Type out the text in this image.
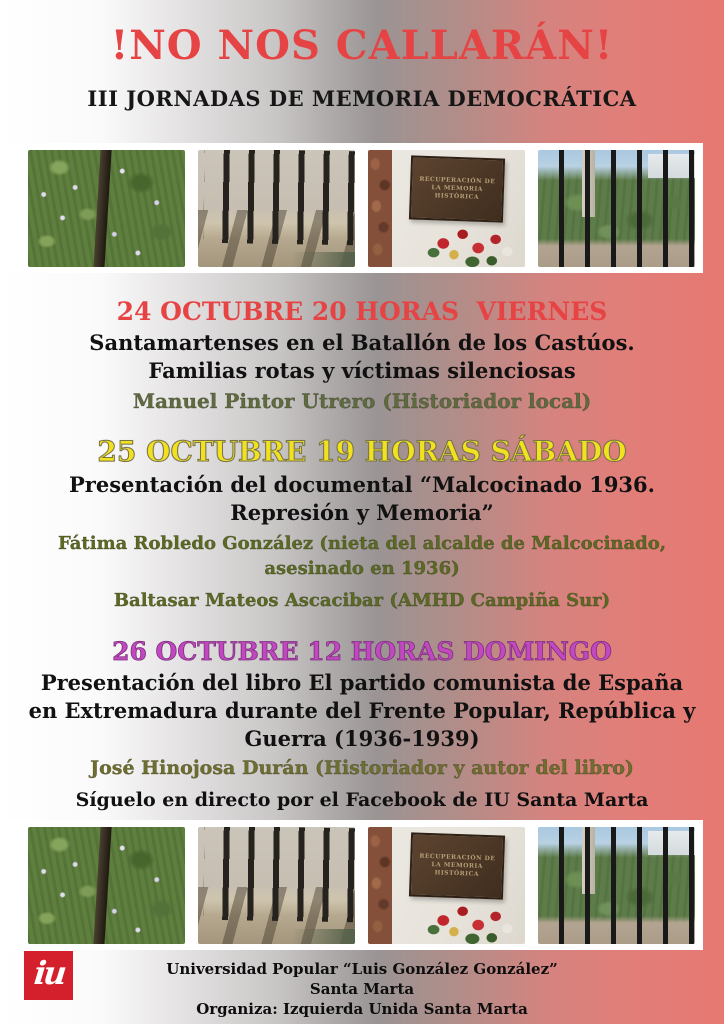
!NO NOS CALLARÁN!
III JORNADAS DE MEMORIA DEMOCRÁTICA
RECUPERACIÓN DE LA MEMORIA HISTÓRICA
24 OCTUBRE 20 HORAS  VIERNES
Santamartenses en el Batallón de los Castúos. Familias rotas y víctimas silenciosas
Manuel Pintor Utrero (Historiador local)
25 OCTUBRE 19 HORAS SÁBADO
Presentación del documental “Malcocinado 1936. Represión y Memoria”
Fátima Robledo González (nieta del alcalde de Malcocinado, asesinado en 1936)
Baltasar Mateos Ascacibar (AMHD Campiña Sur)
26 OCTUBRE 12 HORAS DOMINGO
Presentación del libro El partido comunista de España en Extremadura durante del Frente Popular, República y Guerra (1936-1939)
José Hinojosa Durán (Historiador y autor del libro)
Síguelo en directo por el Facebook de IU Santa Marta
RECUPERACIÓN DE LA MEMORIA HISTÓRICA
iu	Universidad Popular “Luis González González”
Santa Marta
Organiza: Izquierda Unida Santa Marta
